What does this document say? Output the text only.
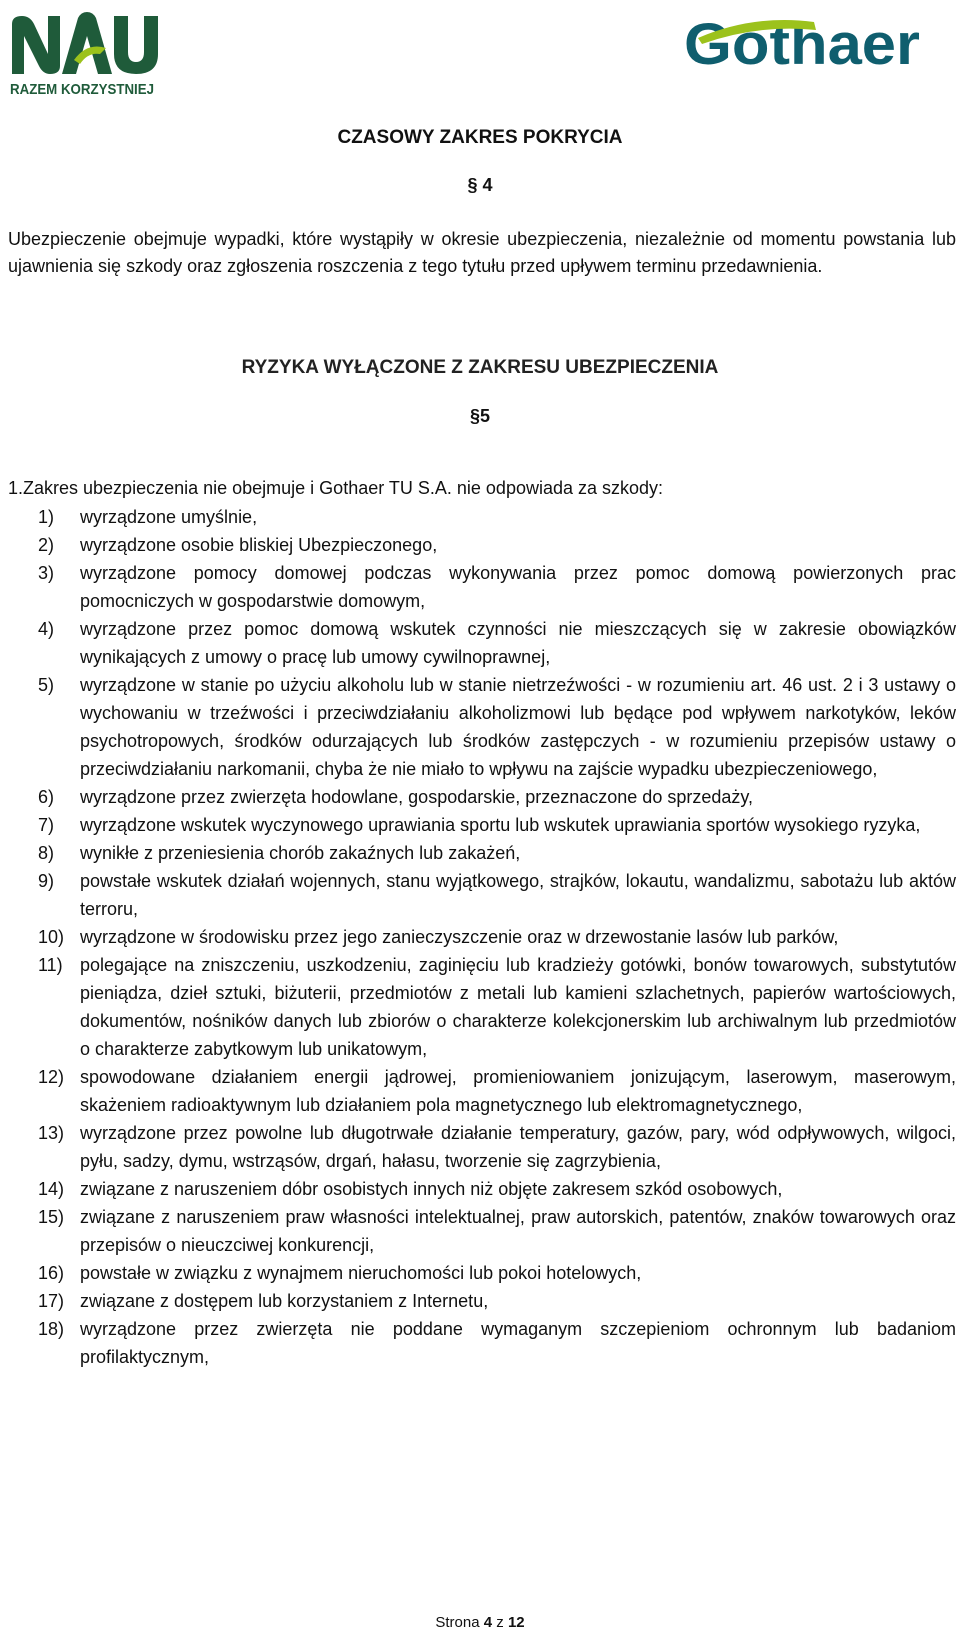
RAZEM KORZYSTNIEJ
Gothaer
CZASOWY ZAKRES POKRYCIA
§ 4
Ubezpieczenie obejmuje wypadki, które wystąpiły w okresie ubezpieczenia, niezależnie od momentu powstania lub ujawnienia się szkody oraz zgłoszenia roszczenia z tego tytułu przed upływem terminu przedawnienia.
RYZYKA WYŁĄCZONE Z ZAKRESU UBEZPIECZENIA
§5
1.Zakres ubezpieczenia nie obejmuje i Gothaer TU S.A. nie odpowiada za szkody:
1) wyrządzone umyślnie,
2) wyrządzone osobie bliskiej Ubezpieczonego,
3) wyrządzone pomocy domowej podczas wykonywania przez pomoc domową powierzonych prac pomocniczych w gospodarstwie domowym,
4) wyrządzone przez pomoc domową wskutek czynności nie mieszczących się w zakresie obowiązków wynikających z umowy o pracę lub umowy cywilnoprawnej,
5) wyrządzone w stanie po użyciu alkoholu lub w stanie nietrzeźwości - w rozumieniu art. 46 ust. 2 i 3 ustawy o wychowaniu w trzeźwości i przeciwdziałaniu alkoholizmowi lub będące pod wpływem narkotyków, leków psychotropowych, środków odurzających lub środków zastępczych - w rozumieniu przepisów ustawy o przeciwdziałaniu narkomanii, chyba że nie miało to wpływu na zajście wypadku ubezpieczeniowego,
6) wyrządzone przez zwierzęta hodowlane, gospodarskie, przeznaczone do sprzedaży,
7) wyrządzone wskutek wyczynowego uprawiania sportu lub wskutek uprawiania sportów wysokiego ryzyka,
8) wynikłe z przeniesienia chorób zakaźnych lub zakażeń,
9) powstałe wskutek działań wojennych, stanu wyjątkowego, strajków, lokautu, wandalizmu, sabotażu lub aktów terroru,
10) wyrządzone w środowisku przez jego zanieczyszczenie oraz w drzewostanie lasów lub parków,
11) polegające na zniszczeniu, uszkodzeniu, zaginięciu lub kradzieży gotówki, bonów towarowych, substytutów pieniądza, dzieł sztuki, biżuterii, przedmiotów z metali lub kamieni szlachetnych, papierów wartościowych, dokumentów, nośników danych lub zbiorów o charakterze kolekcjonerskim lub archiwalnym lub przedmiotów o charakterze zabytkowym lub unikatowym,
12) spowodowane działaniem energii jądrowej, promieniowaniem jonizującym, laserowym, maserowym, skażeniem radioaktywnym lub działaniem pola magnetycznego lub elektromagnetycznego,
13) wyrządzone przez powolne lub długotrwałe działanie temperatury, gazów, pary, wód odpływowych, wilgoci, pyłu, sadzy, dymu, wstrząsów, drgań, hałasu, tworzenie się zagrzybienia,
14) związane z naruszeniem dóbr osobistych innych niż objęte zakresem szkód osobowych,
15) związane z naruszeniem praw własności intelektualnej, praw autorskich, patentów, znaków towarowych oraz przepisów o nieuczciwej konkurencji,
16) powstałe w związku z wynajmem nieruchomości lub pokoi hotelowych,
17) związane z dostępem lub korzystaniem z Internetu,
18) wyrządzone przez zwierzęta nie poddane wymaganym szczepieniom ochronnym lub badaniom profilaktycznym,
Strona 4 z 12
